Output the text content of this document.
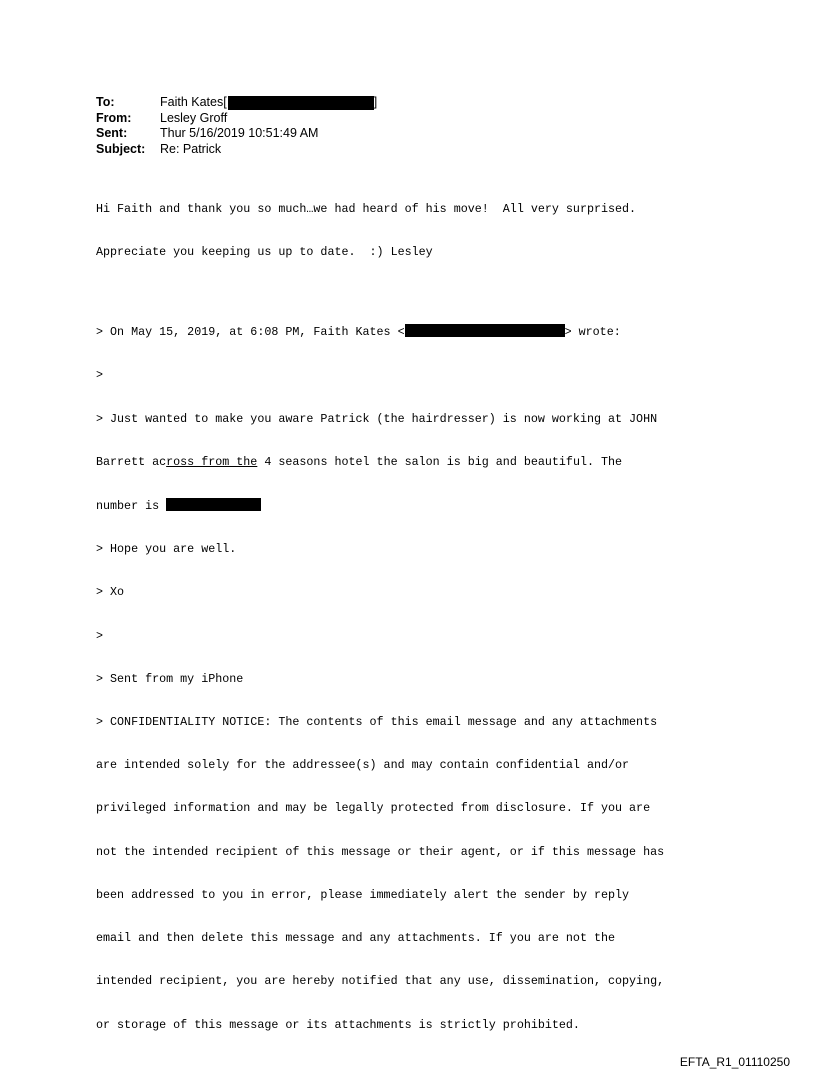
To:	Faith Kates[	]
From:	Lesley Groff
Sent:	Thur 5/16/2019 10:51:49 AM
Subject:	Re: Patrick

Hi Faith and thank you so much…we had heard of his move!  All very surprised.

Appreciate you keeping us up to date.  :) Lesley

> On May 15, 2019, at 6:08 PM, Faith Kates <	> wrote:

>

> Just wanted to make you aware Patrick (the hairdresser) is now working at JOHN

Barrett across from the 4 seasons hotel the salon is big and beautiful. The

number is

> Hope you are well.

> Xo

>

> Sent from my iPhone

> CONFIDENTIALITY NOTICE: The contents of this email message and any attachments

are intended solely for the addressee(s) and may contain confidential and/or

privileged information and may be legally protected from disclosure. If you are

not the intended recipient of this message or their agent, or if this message has

been addressed to you in error, please immediately alert the sender by reply

email and then delete this message and any attachments. If you are not the

intended recipient, you are hereby notified that any use, dissemination, copying,

or storage of this message or its attachments is strictly prohibited.

EFTA_R1_01110250
